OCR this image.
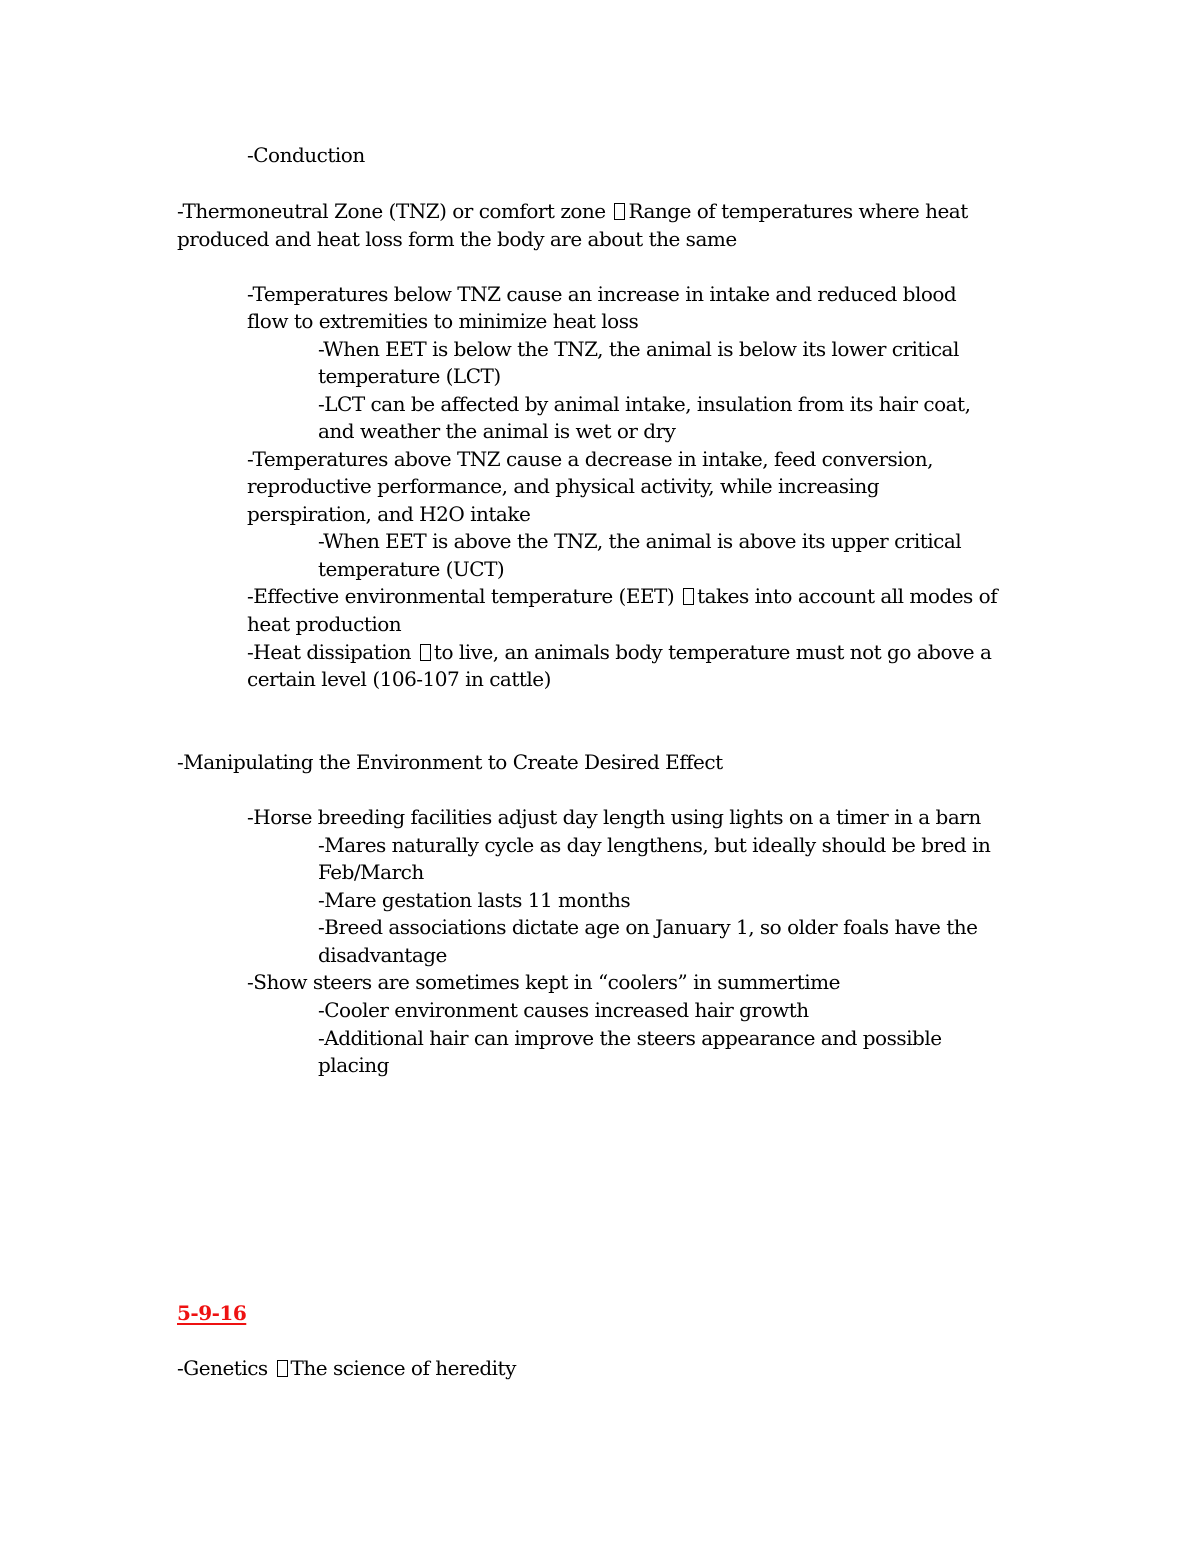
-Conduction

-Thermoneutral Zone (TNZ) or comfort zone Range of temperatures where heat

produced and heat loss form the body are about the same

-Temperatures below TNZ cause an increase in intake and reduced blood

flow to extremities to minimize heat loss

-When EET is below the TNZ, the animal is below its lower critical

temperature (LCT)

-LCT can be affected by animal intake, insulation from its hair coat,

and weather the animal is wet or dry

-Temperatures above TNZ cause a decrease in intake, feed conversion,

reproductive performance, and physical activity, while increasing

perspiration, and H2O intake

-When EET is above the TNZ, the animal is above its upper critical

temperature (UCT)

-Effective environmental temperature (EET) takes into account all modes of

heat production

-Heat dissipation to live, an animals body temperature must not go above a

certain level (106-107 in cattle)

-Manipulating the Environment to Create Desired Effect

-Horse breeding facilities adjust day length using lights on a timer in a barn

-Mares naturally cycle as day lengthens, but ideally should be bred in

Feb/March

-Mare gestation lasts 11 months

-Breed associations dictate age on January 1, so older foals have the

disadvantage

-Show steers are sometimes kept in “coolers” in summertime

-Cooler environment causes increased hair growth

-Additional hair can improve the steers appearance and possible

placing

5-9-16

-Genetics The science of heredity
